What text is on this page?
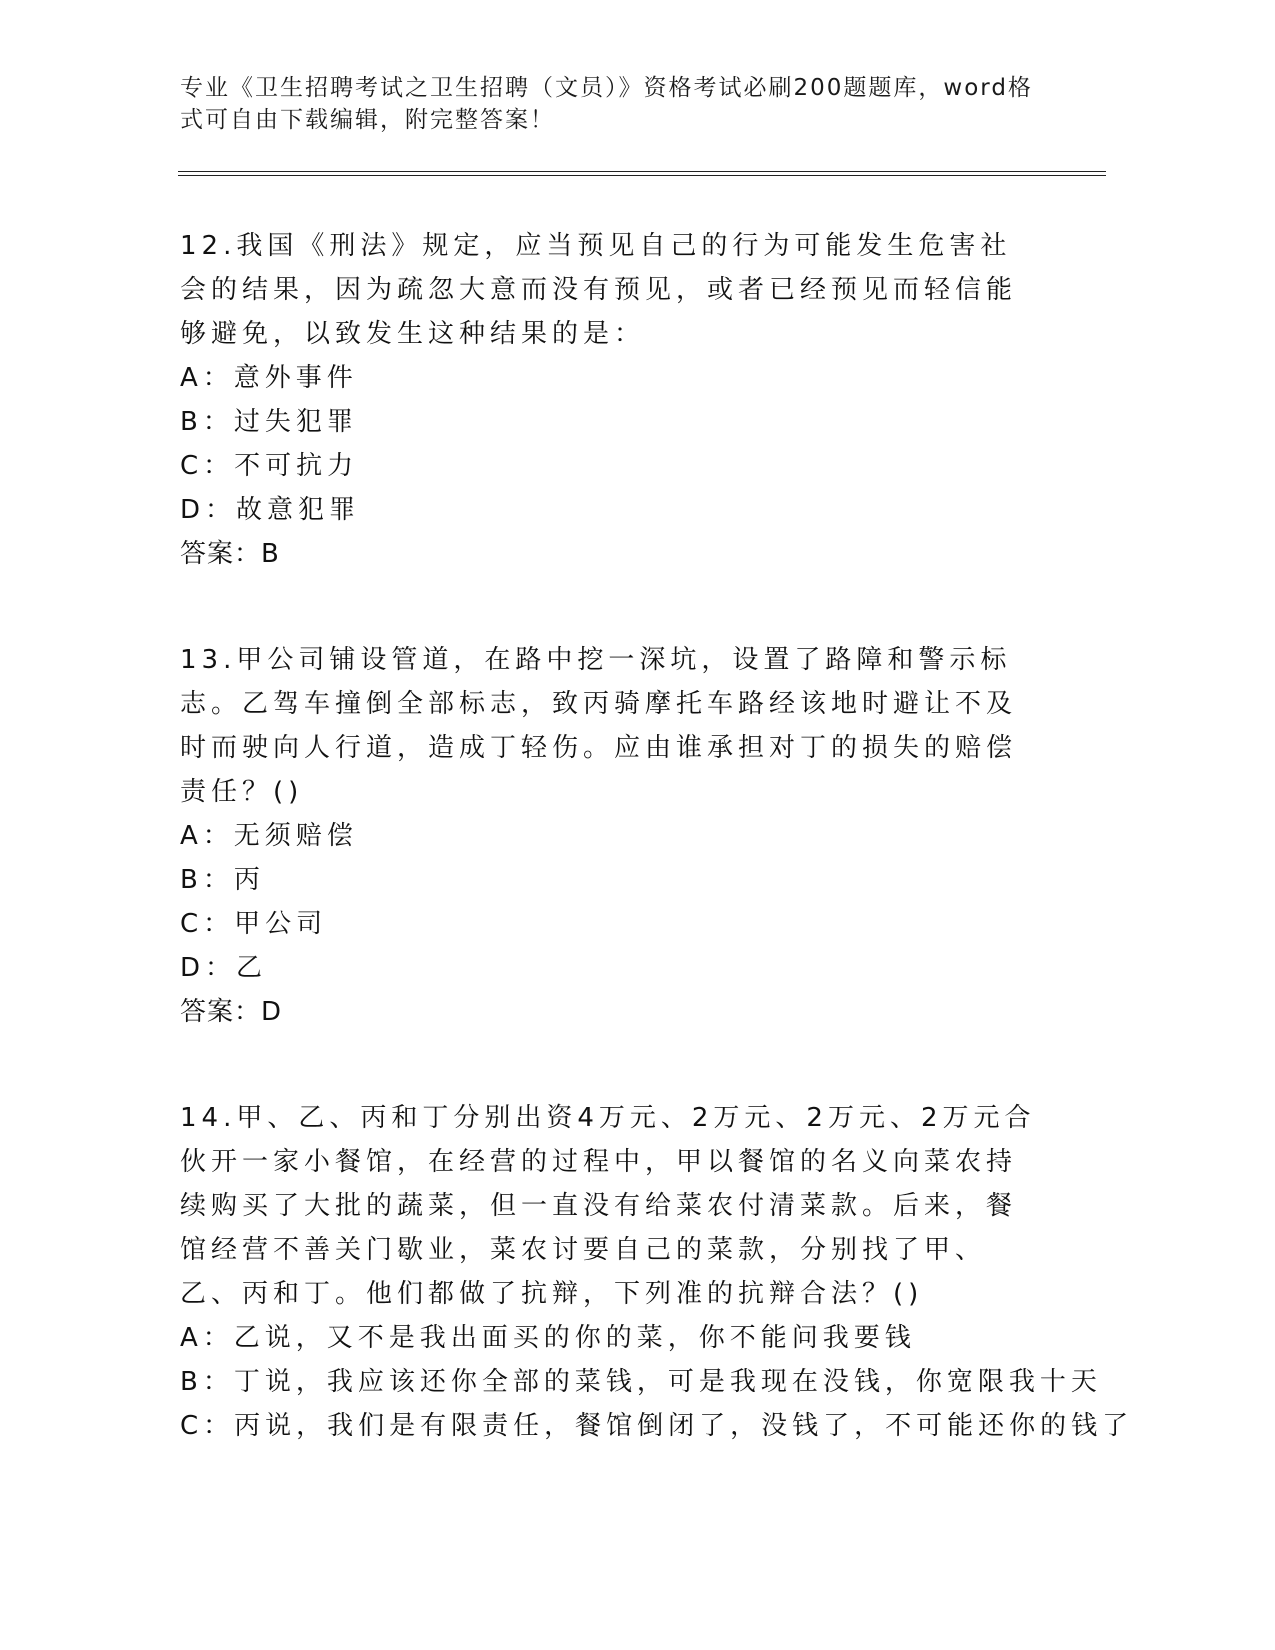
专业《卫生招聘考试之卫生招聘（文员）》资格考试必刷200题题库，word格式可自由下载编辑，附完整答案！

12.我国《刑法》规定，应当预见自己的行为可能发生危害社会的结果，因为疏忽大意而没有预见，或者已经预见而轻信能够避免，以致发生这种结果的是：

A：意外事件

B：过失犯罪

C：不可抗力

D：故意犯罪

答案：B

13.甲公司铺设管道，在路中挖一深坑，设置了路障和警示标志。乙驾车撞倒全部标志，致丙骑摩托车路经该地时避让不及时而驶向人行道，造成丁轻伤。应由谁承担对丁的损失的赔偿责任？()

A：无须赔偿

B：丙

C：甲公司

D：乙

答案：D

14.甲、乙、丙和丁分别出资4万元、2万元、2万元、2万元合伙开一家小餐馆，在经营的过程中，甲以餐馆的名义向菜农持续购买了大批的蔬菜，但一直没有给菜农付清菜款。后来，餐馆经营不善关门歇业，菜农讨要自己的菜款，分别找了甲、乙、丙和丁。他们都做了抗辩，下列准的抗辩合法？()

A：乙说，又不是我出面买的你的菜，你不能问我要钱

B：丁说，我应该还你全部的菜钱，可是我现在没钱，你宽限我十天

C：丙说，我们是有限责任，餐馆倒闭了，没钱了，不可能还你的钱了
